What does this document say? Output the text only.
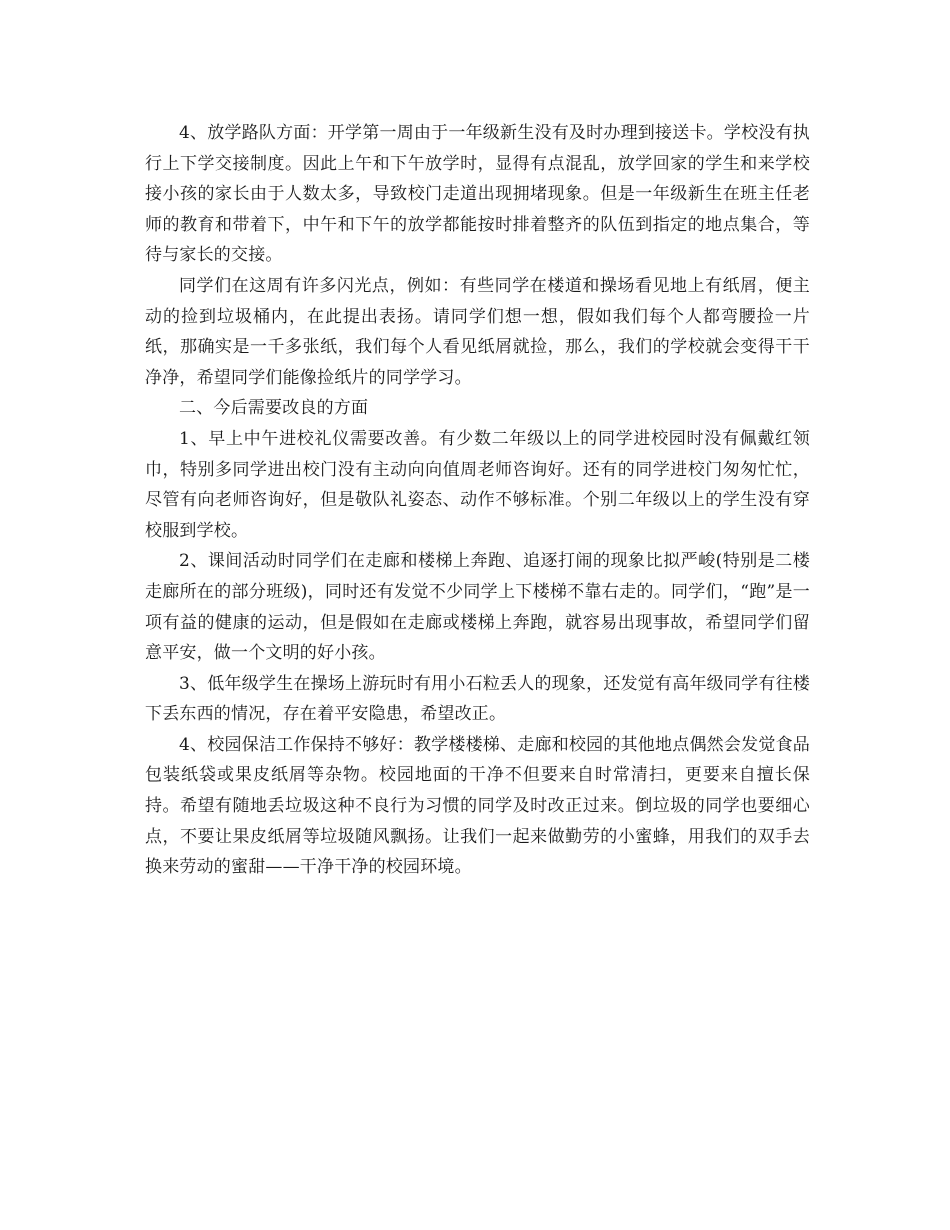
4、放学路队方面：开学第一周由于一年级新生没有及时办理到接送卡。学校没有执行上下学交接制度。因此上午和下午放学时，显得有点混乱，放学回家的学生和来学校接小孩的家长由于人数太多，导致校门走道出现拥堵现象。但是一年级新生在班主任老师的教育和带着下，中午和下午的放学都能按时排着整齐的队伍到指定的地点集合，等待与家长的交接。

同学们在这周有许多闪光点，例如：有些同学在楼道和操场看见地上有纸屑，便主动的捡到垃圾桶内，在此提出表扬。请同学们想一想，假如我们每个人都弯腰捡一片纸，那确实是一千多张纸，我们每个人看见纸屑就捡，那么，我们的学校就会变得干干净净，希望同学们能像捡纸片的同学学习。

二、今后需要改良的方面

1、早上中午进校礼仪需要改善。有少数二年级以上的同学进校园时没有佩戴红领巾，特别多同学进出校门没有主动向向值周老师咨询好。还有的同学进校门匆匆忙忙，尽管有向老师咨询好，但是敬队礼姿态、动作不够标准。个别二年级以上的学生没有穿校服到学校。

2、课间活动时同学们在走廊和楼梯上奔跑、追逐打闹的现象比拟严峻(特别是二楼走廊所在的部分班级)，同时还有发觉不少同学上下楼梯不靠右走的。同学们，“跑”是一项有益的健康的运动，但是假如在走廊或楼梯上奔跑，就容易出现事故，希望同学们留意平安，做一个文明的好小孩。

3、低年级学生在操场上游玩时有用小石粒丢人的现象，还发觉有高年级同学有往楼下丢东西的情况，存在着平安隐患，希望改正。

4、校园保洁工作保持不够好：教学楼楼梯、走廊和校园的其他地点偶然会发觉食品包装纸袋或果皮纸屑等杂物。校园地面的干净不但要来自时常清扫，更要来自擅长保持。希望有随地丢垃圾这种不良行为习惯的同学及时改正过来。倒垃圾的同学也要细心点，不要让果皮纸屑等垃圾随风飘扬。让我们一起来做勤劳的小蜜蜂，用我们的双手去换来劳动的蜜甜——干净干净的校园环境。
